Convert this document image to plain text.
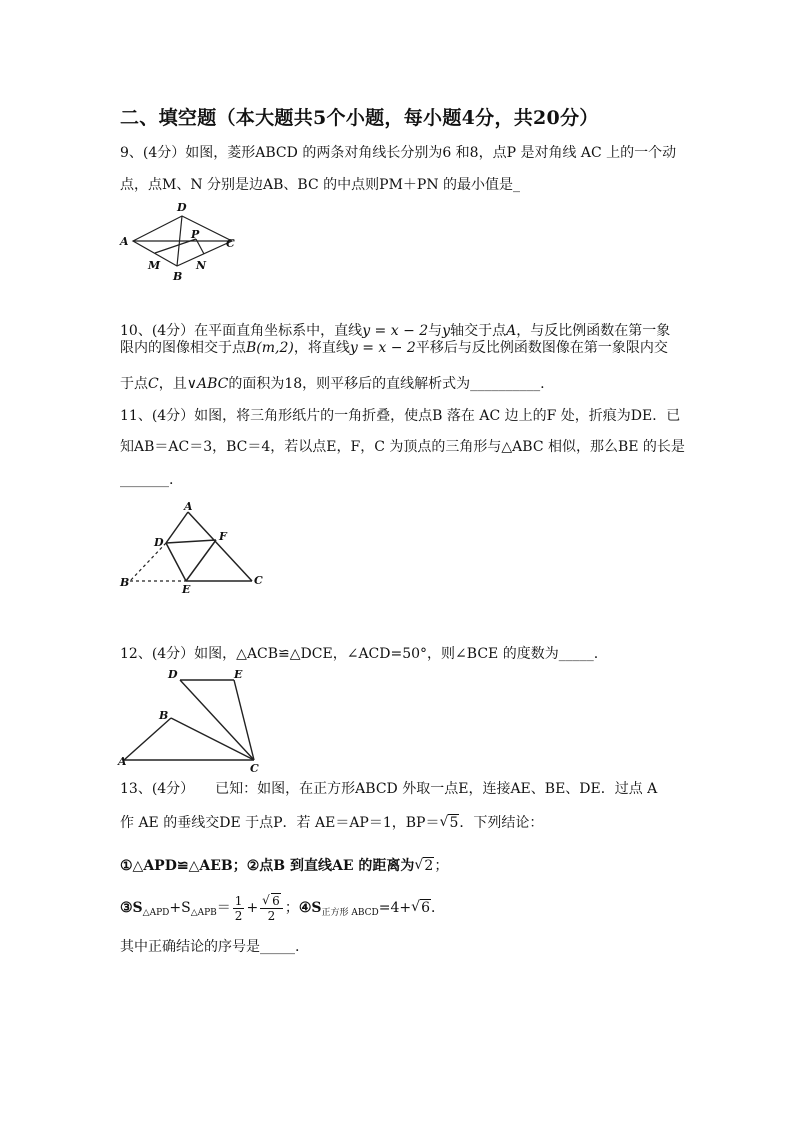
二、填空题（本大题共5个小题，每小题4分，共20分）
9、(4分）如图，菱形ABCD 的两条对角线长分别为6 和8，点P 是对角线 AC 上的一个动
点，点M、N 分别是边AB、BC 的中点则PM＋PN 的最小值是_
A
D
C
B
P
M	N
10、(4分）在平面直角坐标系中，直线y = x − 2与y轴交于点A，与反比例函数在第一象
限内的图像相交于点B(m,2)，将直线y = x − 2平移后与反比例函数图像在第一象限内交
于点C，且∨ABC的面积为18，则平移后的直线解析式为__________.
11、(4分）如图，将三角形纸片的一角折叠，使点B 落在 AC 边上的F 处，折痕为DE．已
知AB＝AC＝3，BC＝4，若以点E，F，C 为顶点的三角形与△ABC 相似，那么BE 的长是
_______.
A
D	F
B
E
C
12、(4分）如图，△ACB≌△DCE，∠ACD=50°，则∠BCE 的度数为_____.
D	E
B
A
C
13、(4分）　　已知：如图，在正方形ABCD 外取一点E，连接AE、BE、DE．过点 A
作 AE 的垂线交DE 于点P．若 AE＝AP＝1，BP＝√ 5．下列结论：
①△APD≌△AEB；②点B 到直线AE 的距离为√ 2；
$③S_{\triangle APD}+S_{\triangle APB}= \frac{1}{2}$ +
√ $\frac{6}{2}$ ；$④S_{正方形 ABCD}=4+√$ 6．
其中正确结论的序号是_____.
